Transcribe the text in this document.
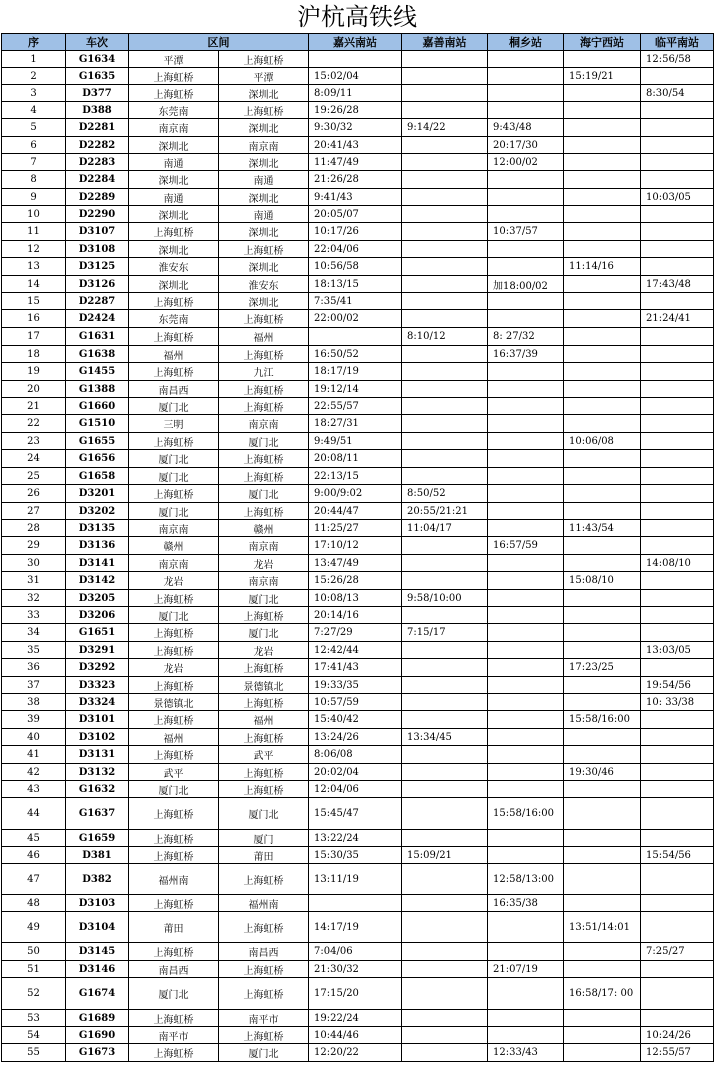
沪杭高铁线
序	车次	区间		嘉兴南站	嘉善南站	桐乡站	海宁西站	临平南站
1	G1634	平潭	上海虹桥					12:56/58
2	G1635	上海虹桥	平潭	15:02/04			15:19/21	
3	D377	上海虹桥	深圳北	8:09/11				8:30/54
4	D388	东莞南	上海虹桥	19:26/28				
5	D2281	南京南	深圳北	9:30/32	9:14/22	9:43/48		
6	D2282	深圳北	南京南	20:41/43		20:17/30		
7	D2283	南通	深圳北	11:47/49		12:00/02		
8	D2284	深圳北	南通	21:26/28				
9	D2289	南通	深圳北	9:41/43				10:03/05
10	D2290	深圳北	南通	20:05/07				
11	D3107	上海虹桥	深圳北	10:17/26		10:37/57		
12	D3108	深圳北	上海虹桥	22:04/06				
13	D3125	淮安东	深圳北	10:56/58			11:14/16	
14	D3126	深圳北	淮安东	18:13/15		加18:00/02		17:43/48
15	D2287	上海虹桥	深圳北	7:35/41				
16	D2424	东莞南	上海虹桥	22:00/02				21:24/41
17	G1631	上海虹桥	福州		8:10/12	8: 27/32		
18	G1638	福州	上海虹桥	16:50/52		16:37/39		
19	G1455	上海虹桥	九江	18:17/19				
20	G1388	南昌西	上海虹桥	19:12/14				
21	G1660	厦门北	上海虹桥	22:55/57				
22	G1510	三明	南京南	18:27/31				
23	G1655	上海虹桥	厦门北	9:49/51			10:06/08	
24	G1656	厦门北	上海虹桥	20:08/11				
25	G1658	厦门北	上海虹桥	22:13/15				
26	D3201	上海虹桥	厦门北	9:00/9:02	8:50/52			
27	D3202	厦门北	上海虹桥	20:44/47	20:55/21:21			
28	D3135	南京南	赣州	11:25/27	11:04/17		11:43/54	
29	D3136	赣州	南京南	17:10/12		16:57/59		
30	D3141	南京南	龙岩	13:47/49				14:08/10
31	D3142	龙岩	南京南	15:26/28			15:08/10	
32	D3205	上海虹桥	厦门北	10:08/13	9:58/10:00			
33	D3206	厦门北	上海虹桥	20:14/16				
34	G1651	上海虹桥	厦门北	7:27/29	7:15/17			
35	D3291	上海虹桥	龙岩	12:42/44				13:03/05
36	D3292	龙岩	上海虹桥	17:41/43			17:23/25	
37	D3323	上海虹桥	景德镇北	19:33/35				19:54/56
38	D3324	景德镇北	上海虹桥	10:57/59				10: 33/38
39	D3101	上海虹桥	福州	15:40/42			15:58/16:00	
40	D3102	福州	上海虹桥	13:24/26	13:34/45			
41	D3131	上海虹桥	武平	8:06/08				
42	D3132	武平	上海虹桥	20:02/04			19:30/46	
43	G1632	厦门北	上海虹桥	12:04/06				
44	G1637	上海虹桥	厦门北	15:45/47		15:58/16:00		
45	G1659	上海虹桥	厦门	13:22/24				
46	D381	上海虹桥	莆田	15:30/35	15:09/21			15:54/56
47	D382	福州南	上海虹桥	13:11/19		12:58/13:00		
48	D3103	上海虹桥	福州南			16:35/38		
49	D3104	莆田	上海虹桥	14:17/19			13:51/14:01	
50	D3145	上海虹桥	南昌西	7:04/06				7:25/27
51	D3146	南昌西	上海虹桥	21:30/32		21:07/19		
52	G1674	厦门北	上海虹桥	17:15/20			16:58/17: 00	
53	G1689	上海虹桥	南平市	19:22/24				
54	G1690	南平市	上海虹桥	10:44/46				10:24/26
55	G1673	上海虹桥	厦门北	12:20/22		12:33/43		12:55/57
